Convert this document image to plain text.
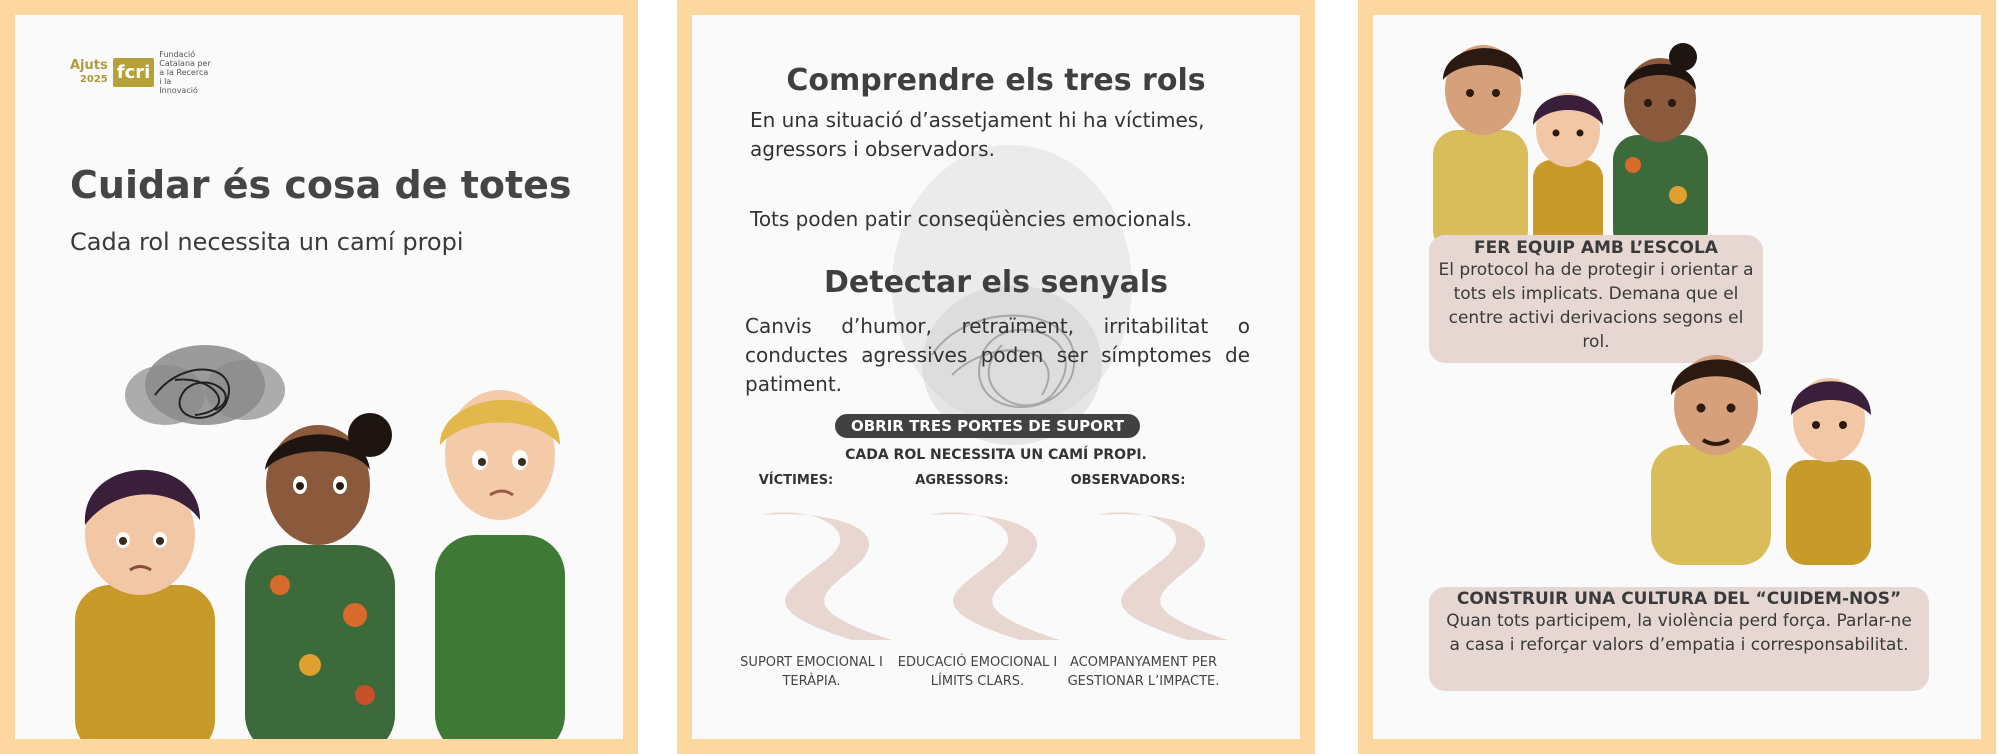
Ajuts
2025 fcri
Fundació Catalana per a la Recerca i la Innovació
Cuidar és cosa de totes

Cada rol necessita un camí propi

Comprendre els tres rols

En una situació d’assetjament hi ha víctimes, agressors i observadors.

Tots poden patir conseqüències emocionals.

Detectar els senyals

Canvis d’humor, retraïment, irritabilitat o conductes agressives poden ser símptomes de patiment.

OBRIR TRES PORTES DE SUPORT
CADA ROL NECESSITA UN CAMÍ PROPI.
VÍCTIMES:	AGRESSORS:	OBSERVADORS:
SUPORT EMOCIONAL I TERÀPIA.
EDUCACIÓ EMOCIONAL I LÍMITS CLARS.
ACOMPANYAMENT PER GESTIONAR L’IMPACTE.
FER EQUIP AMB L’ESCOLA
El protocol ha de protegir i orientar a tots els implicats. Demana que el centre activi derivacions segons el rol.
CONSTRUIR UNA CULTURA DEL “CUIDEM-NOS”
Quan tots participem, la violència perd força. Parlar-ne a casa i reforçar valors d’empatia i corresponsabilitat.
